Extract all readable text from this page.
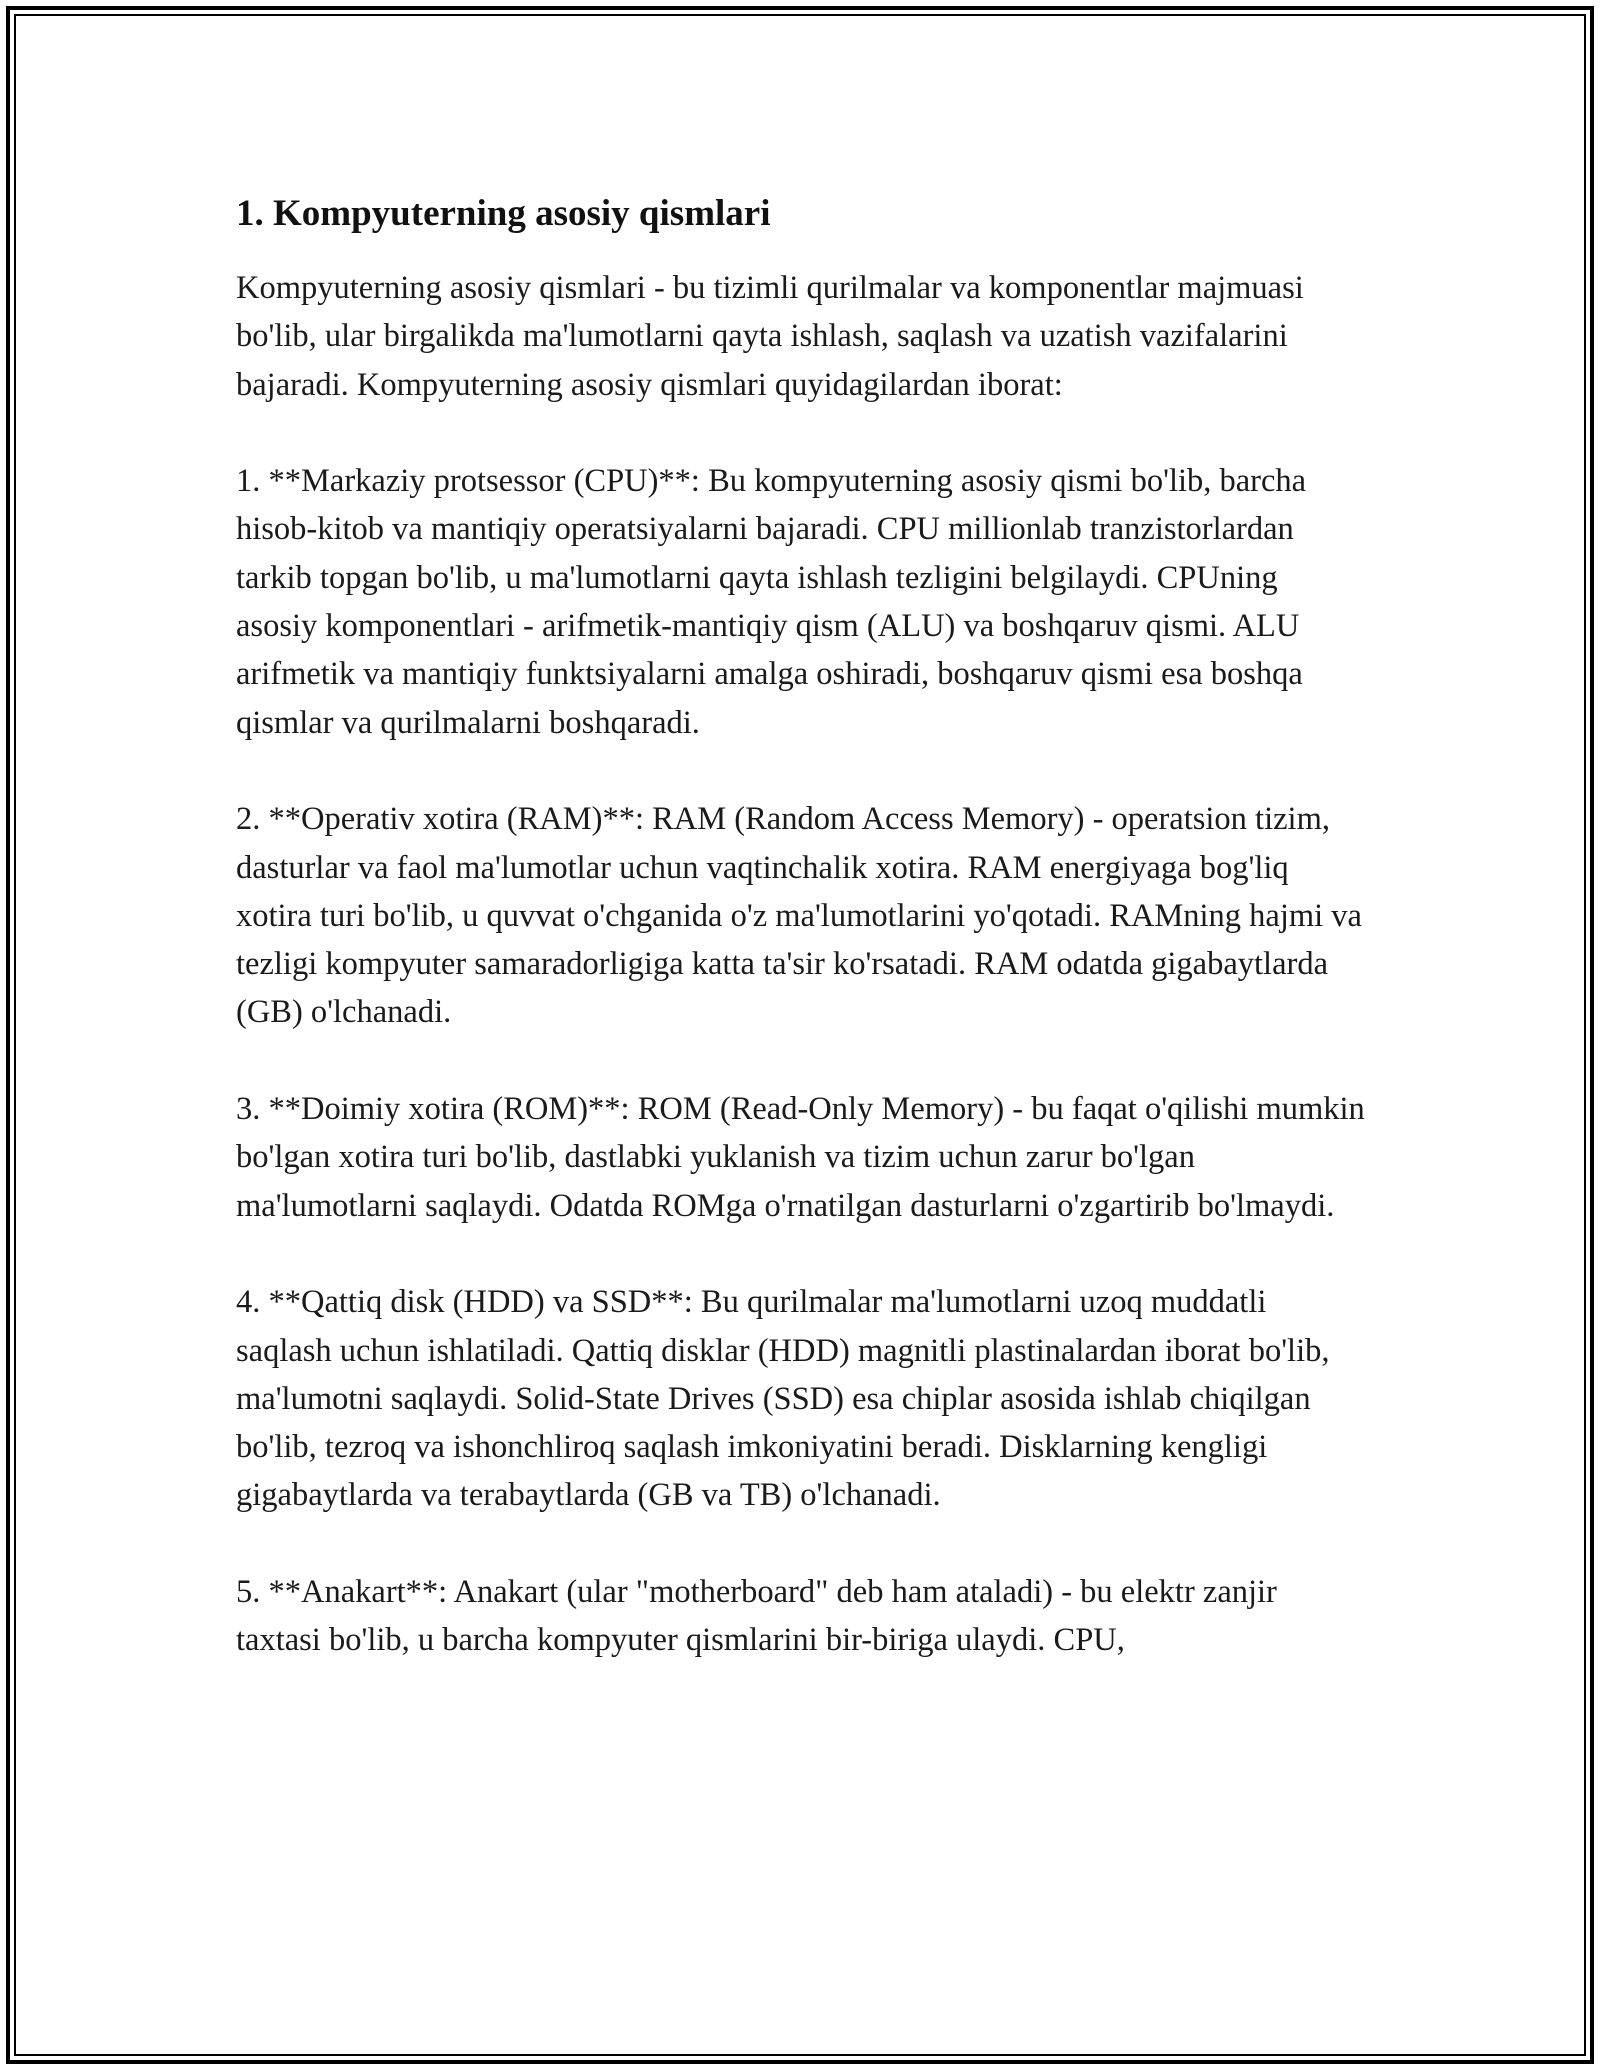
1. Kompyuterning asosiy qismlari

Kompyuterning asosiy qismlari - bu tizimli qurilmalar va komponentlar majmuasi bo'lib, ular birgalikda ma'lumotlarni qayta ishlash, saqlash va uzatish vazifalarini bajaradi. Kompyuterning asosiy qismlari quyidagilardan iborat:

1. **Markaziy protsessor (CPU)**: Bu kompyuterning asosiy qismi bo'lib, barcha hisob-kitob va mantiqiy operatsiyalarni bajaradi. CPU millionlab tranzistorlardan tarkib topgan bo'lib, u ma'lumotlarni qayta ishlash tezligini belgilaydi. CPUning asosiy komponentlari - arifmetik-mantiqiy qism (ALU) va boshqaruv qismi. ALU arifmetik va mantiqiy funktsiyalarni amalga oshiradi, boshqaruv qismi esa boshqa qismlar va qurilmalarni boshqaradi.

2. **Operativ xotira (RAM)**: RAM (Random Access Memory) - operatsion tizim, dasturlar va faol ma'lumotlar uchun vaqtinchalik xotira. RAM energiyaga bog'liq xotira turi bo'lib, u quvvat o'chganida o'z ma'lumotlarini yo'qotadi. RAMning hajmi va tezligi kompyuter samaradorligiga katta ta'sir ko'rsatadi. RAM odatda gigabaytlarda (GB) o'lchanadi.

3. **Doimiy xotira (ROM)**: ROM (Read-Only Memory) - bu faqat o'qilishi mumkin bo'lgan xotira turi bo'lib, dastlabki yuklanish va tizim uchun zarur bo'lgan ma'lumotlarni saqlaydi. Odatda ROMga o'rnatilgan dasturlarni o'zgartirib bo'lmaydi.

4. **Qattiq disk (HDD) va SSD**: Bu qurilmalar ma'lumotlarni uzoq muddatli saqlash uchun ishlatiladi. Qattiq disklar (HDD) magnitli plastinalardan iborat bo'lib, ma'lumotni saqlaydi. Solid-State Drives (SSD) esa chiplar asosida ishlab chiqilgan bo'lib, tezroq va ishonchliroq saqlash imkoniyatini beradi. Disklarning kengligi gigabaytlarda va terabaytlarda (GB va TB) o'lchanadi.

5. **Anakart**: Anakart (ular "motherboard" deb ham ataladi) - bu elektr zanjir taxtasi bo'lib, u barcha kompyuter qismlarini bir-biriga ulaydi. CPU,
